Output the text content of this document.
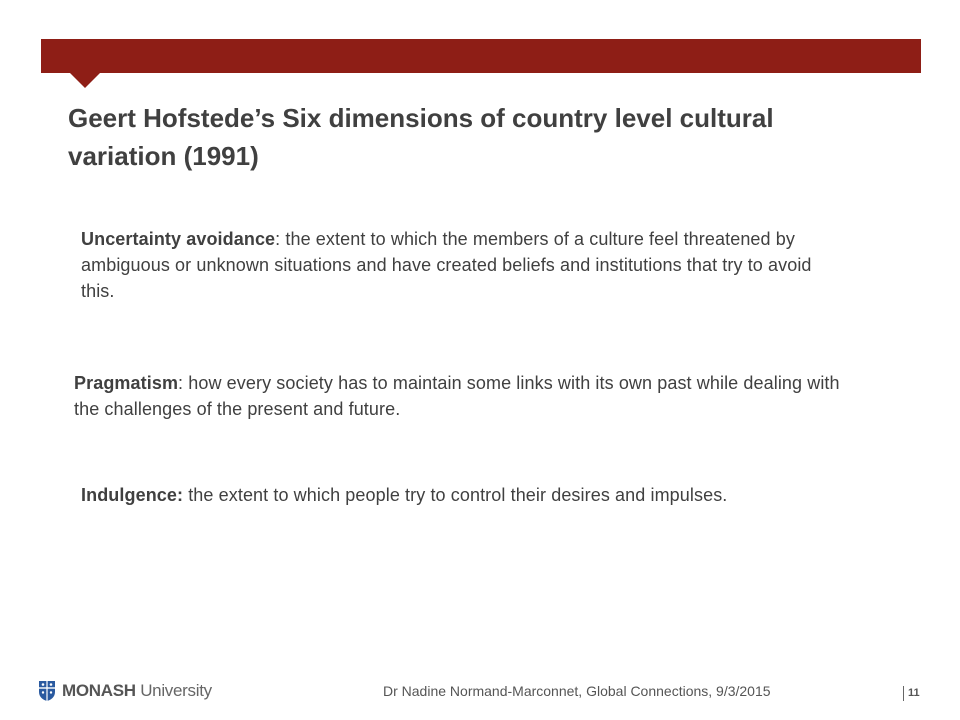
Geert Hofstede’s Six dimensions of country level cultural variation (1991)

Uncertainty avoidance: the extent to which the members of a culture feel threatened by ambiguous or unknown situations and have created beliefs and institutions that try to avoid this.

Pragmatism: how every society has to maintain some links with its own past while dealing with the challenges of the present and future.

Indulgence: the extent to which people try to control their desires and impulses.

MONASH University	Dr Nadine Normand-Marconnet, Global Connections, 9/3/2015	11
